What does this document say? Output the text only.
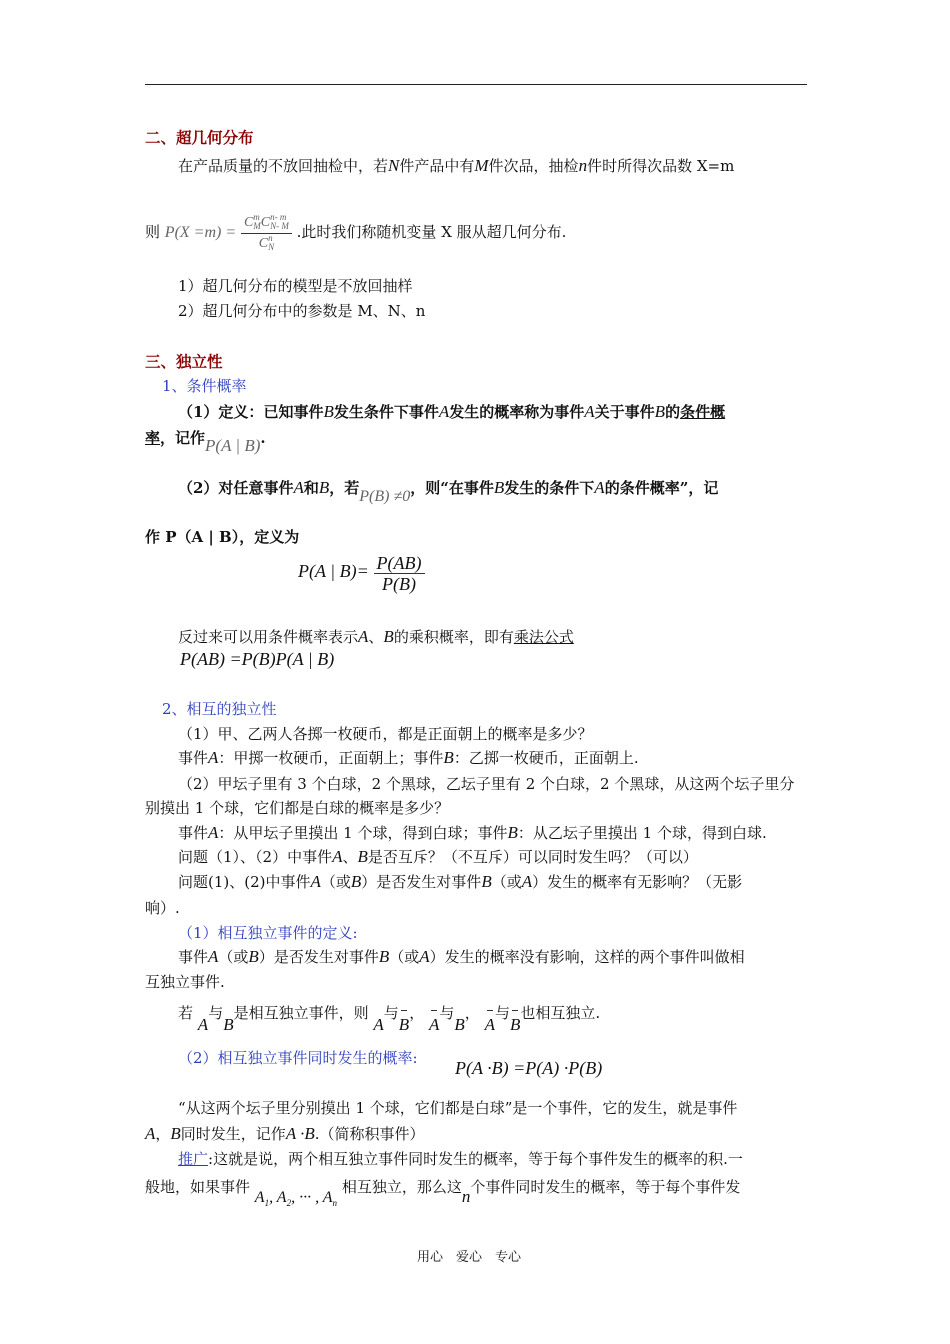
二、超几何分布
在产品质量的不放回抽检中，若N件产品中有M件次品，抽检n件时所得次品数 X=m
则 P(X =m) = C m
M C n- m
N- M
C n
N .此时我们称随机变量 X 服从超几何分布.
1）超几何分布的模型是不放回抽样
2）超几何分布中的参数是 M、N、n
三、独立性
1、条件概率
（1）定义：已知事件B发生条件下事件A发生的概率称为事件A关于事件B的条件概
率，记作P(A | B).
（2）对任意事件A和B，若P(B) ≠0，则“在事件B发生的条件下A的条件概率”，记
作 P（A | B），定义为
P(A | $B)= \frac{P(AB)}{P(B)}$
反过来可以用条件概率表示A、B的乘积概率，即有乘法公式
P(AB) =P(B)P(A | B)
2、相互的独立性
（1）甲、乙两人各掷一枚硬币，都是正面朝上的概率是多少？
事件A：甲掷一枚硬币，正面朝上；事件B：乙掷一枚硬币，正面朝上.
（2）甲坛子里有 3 个白球，2 个黑球，乙坛子里有 2 个白球，2 个黑球，从这两个坛子里分
别摸出 1 个球，它们都是白球的概率是多少？
事件A：从甲坛子里摸出 1 个球，得到白球；事件B：从乙坛子里摸出 1 个球，得到白球.
问题（1）、（2）中事件A、B是否互斥？（不互斥）可以同时发生吗？（可以）
问题(1)、(2)中事件A（或B）是否发生对事件B（或A）发生的概率有无影响？（无影
响）.
（1）相互独立事件的定义:
事件A（或B）是否发生对事件B（或A）发生的概率没有影响，这样的两个事件叫做相
互独立事件.
若 A与B是相互独立事件，则 A与
B，
A与B，
A与
B也相互独立.
（2）相互独立事件同时发生的概率: P(A ·B) =P(A) ·P(B)
“从这两个坛子里分别摸出 1 个球，它们都是白球”是一个事件，它的发生，就是事件
A，B同时发生，记作A ·B.（简称积事件）
推广:这就是说，两个相互独立事件同时发生的概率，等于每个事件发生的概率的积.一
般地，如果事件 $A_1$, $A_2$, ··· , $A_n$ 相互独立，那么这n个事件同时发生的概率，等于每个事件发
用心　爱心　专心
